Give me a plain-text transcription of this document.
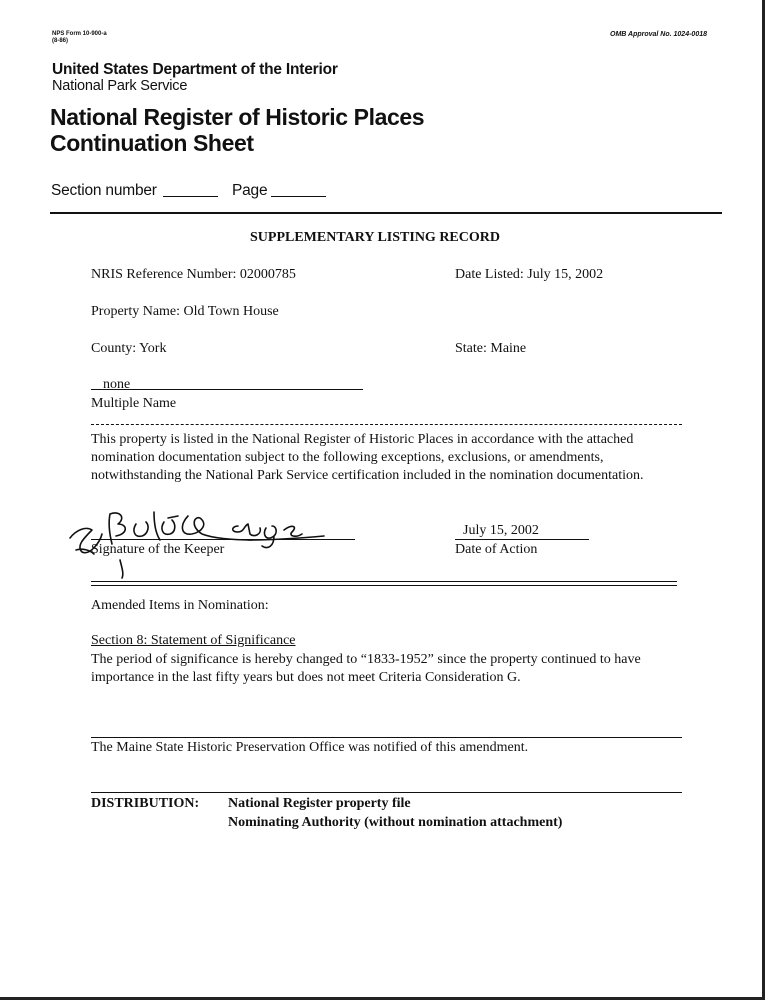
NPS Form 10-900-a
(8-86)
OMB Approval No. 1024-0018
United States Department of the Interior
National Park Service
National Register of Historic Places
Continuation Sheet
Section number	Page
SUPPLEMENTARY LISTING RECORD
NRIS Reference Number: 02000785	Date Listed: July 15, 2002
Property Name: Old Town House
County: York	State: Maine
none
Multiple Name
This property is listed in the National Register of Historic Places in accordance with the attached nomination documentation subject to the following exceptions, exclusions, or amendments, notwithstanding the National Park Service certification included in the nomination documentation.
Signature of the Keeper
July 15, 2002
Date of Action
Amended Items in Nomination:
Section 8: Statement of Significance
The period of significance is hereby changed to “1833-1952” since the property continued to have importance in the last fifty years but does not meet Criteria Consideration G.
The Maine State Historic Preservation Office was notified of this amendment.
DISTRIBUTION: National Register property file
Nominating Authority (without nomination attachment)
